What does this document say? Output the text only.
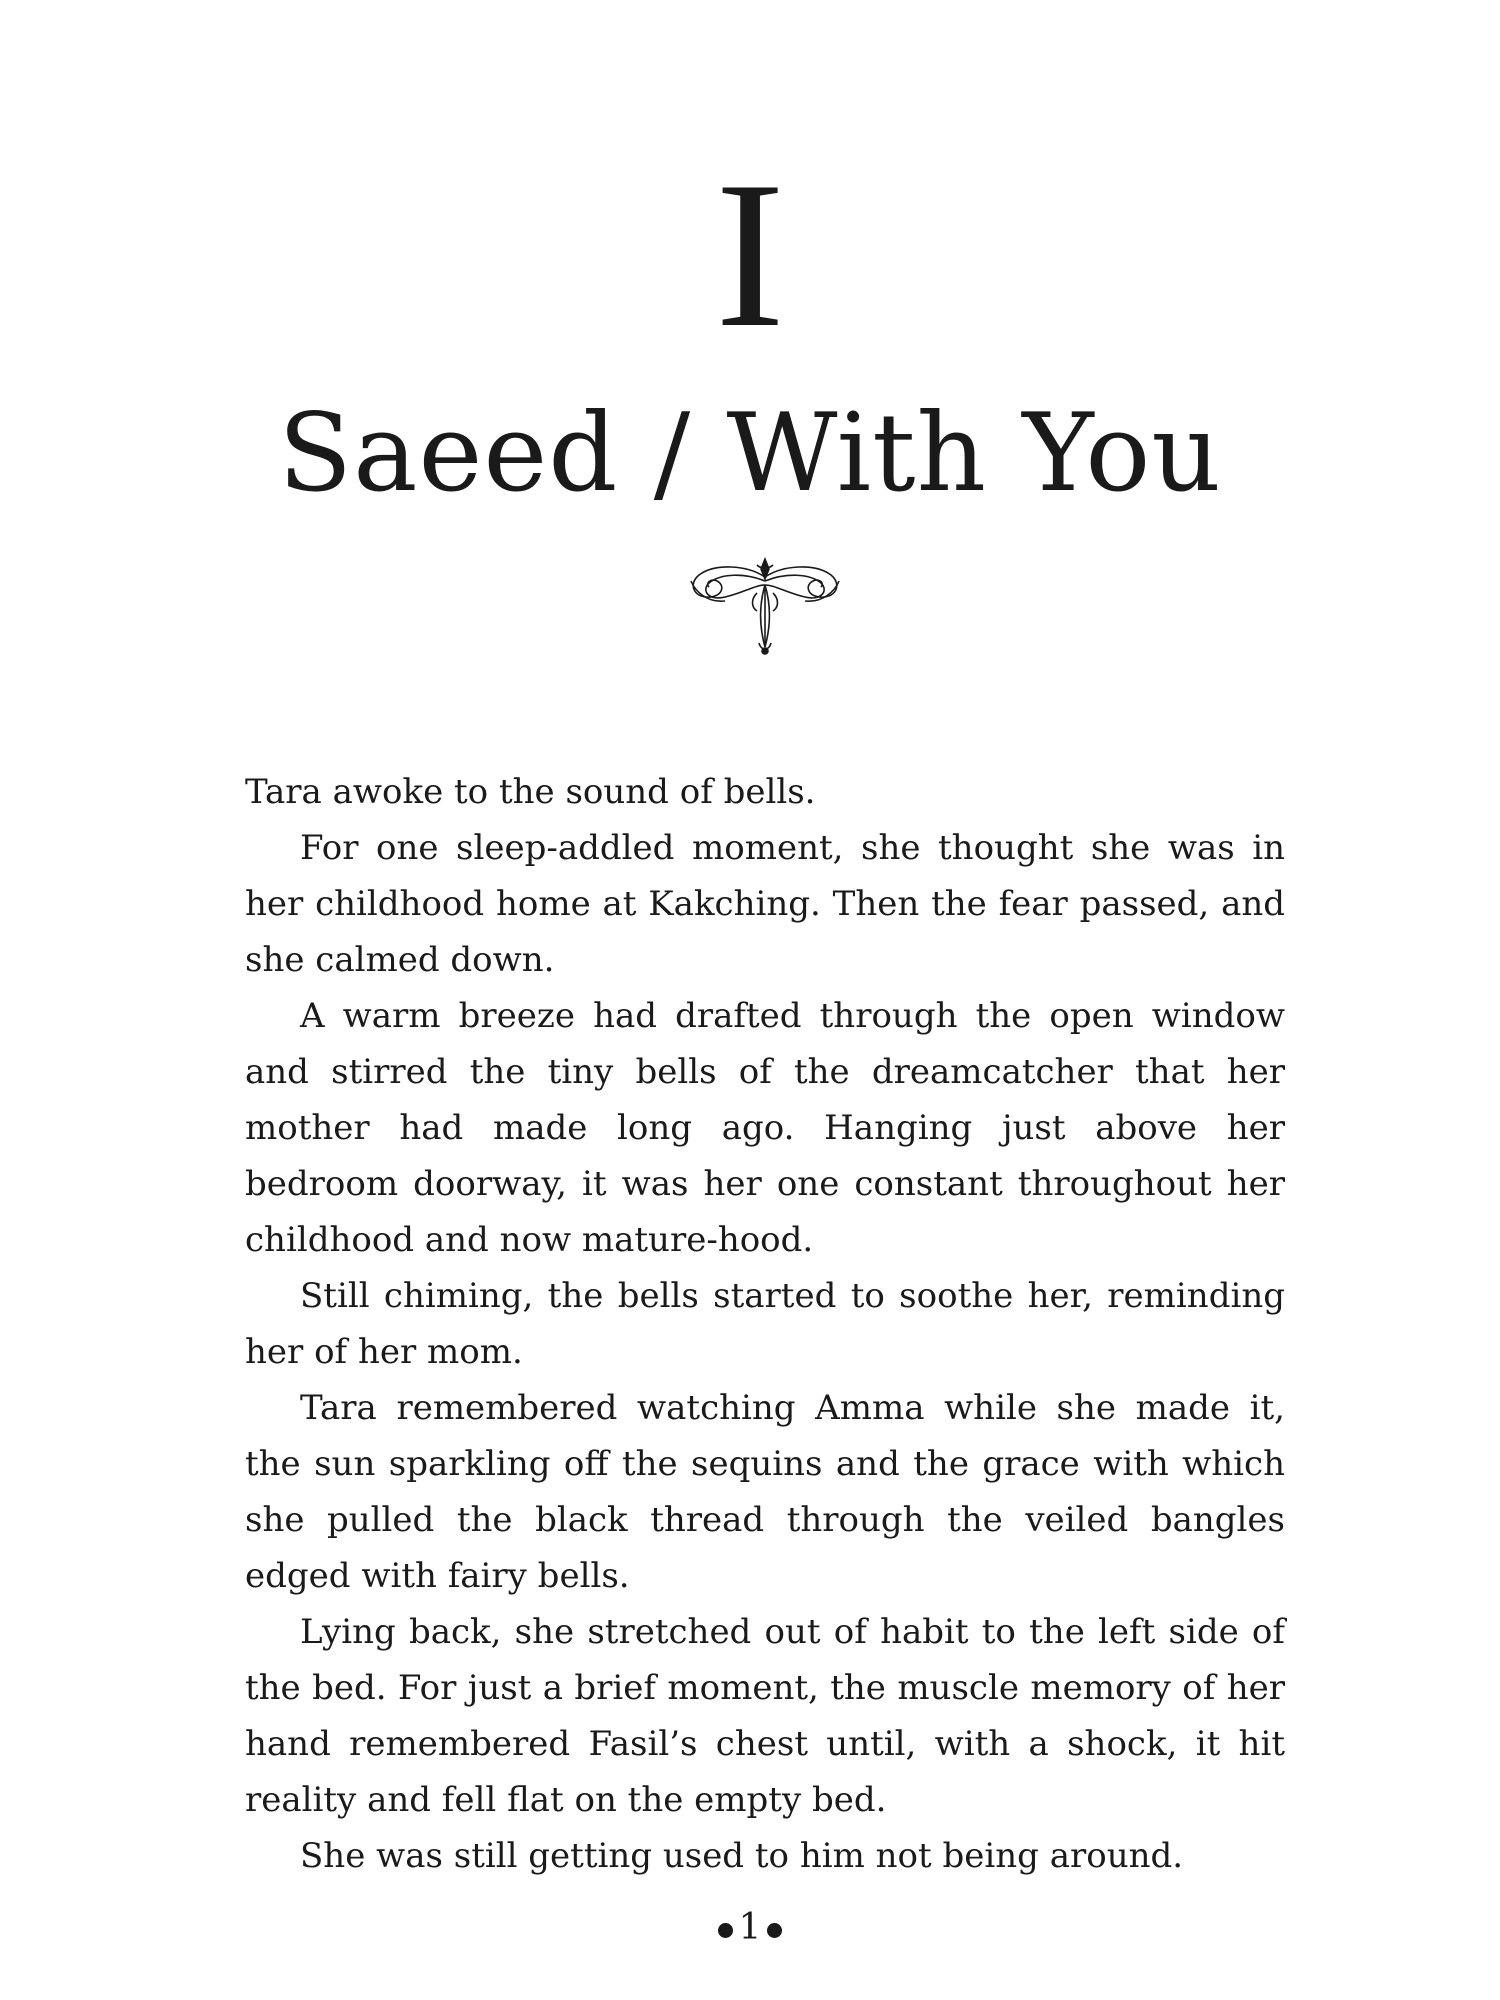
I
Saeed / With You

Tara awoke to the sound of bells.

For one sleep-addled moment, she thought she was in her childhood home at Kakching. Then the fear passed, and she calmed down.

A warm breeze had drafted through the open window and stirred the tiny bells of the dreamcatcher that her mother had made long ago. Hanging just above her bedroom doorway, it was her one constant throughout her childhood and now mature-hood.

Still chiming, the bells started to soothe her, reminding her of her mom.

Tara remembered watching Amma while she made it, the sun sparkling off the sequins and the grace with which she pulled the black thread through the veiled bangles edged with fairy bells.

Lying back, she stretched out of habit to the left side of the bed. For just a brief moment, the muscle memory of her hand remembered Fasil’s chest until, with a shock, it hit reality and fell flat on the empty bed.

She was still getting used to him not being around.

1
